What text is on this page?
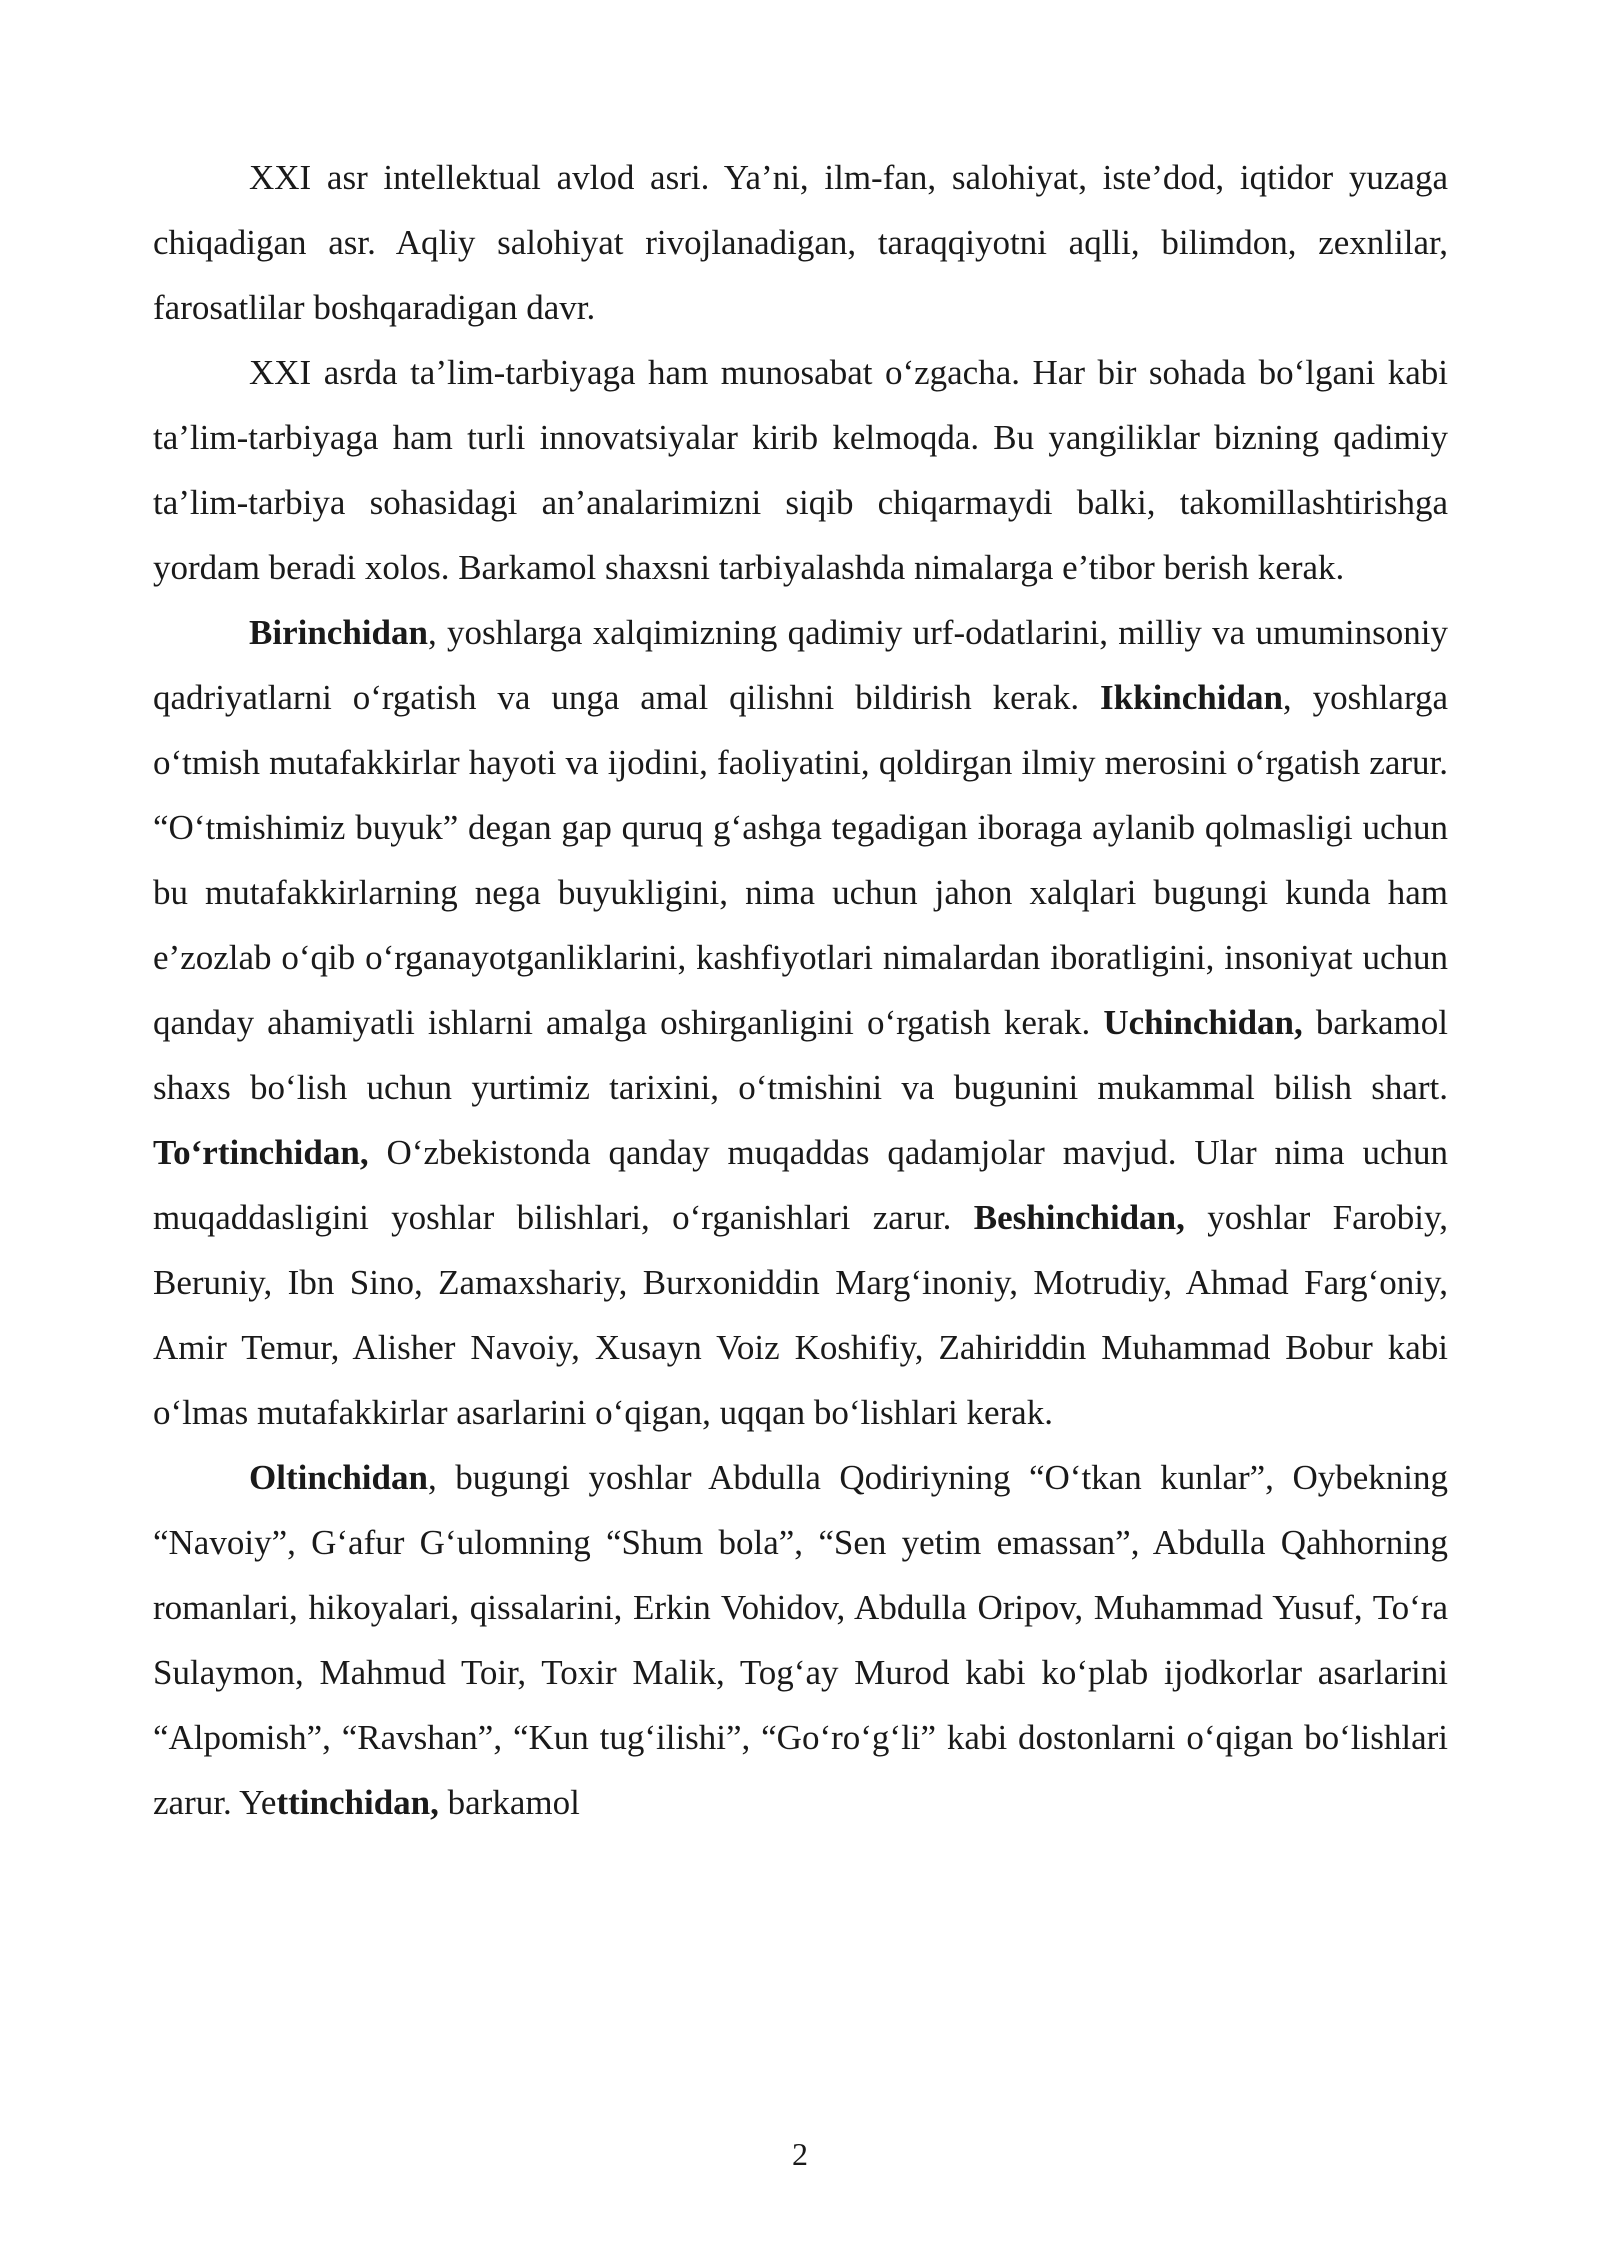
XXI asr intellektual avlod asri. Ya’ni, ilm-fan, salohiyat, iste’dod, iqtidor yuzaga chiqadigan asr. Aqliy salohiyat rivojlanadigan, taraqqiyotni aqlli, bilimdon, zexnlilar, farosatlilar boshqaradigan davr.

XXI asrda ta’lim-tarbiyaga ham munosabat o‘zgacha. Har bir sohada bo‘lgani kabi ta’lim-tarbiyaga ham turli innovatsiyalar kirib kelmoqda. Bu yangiliklar bizning qadimiy ta’lim-tarbiya sohasidagi an’analarimizni siqib chiqarmaydi balki, takomillashtirishga yordam beradi xolos. Barkamol shaxsni tarbiyalashda nimalarga e’tibor berish kerak.

Birinchidan, yoshlarga xalqimizning qadimiy urf-odatlarini, milliy va umuminsoniy qadriyatlarni o‘rgatish va unga amal qilishni bildirish kerak. Ikkinchidan, yoshlarga o‘tmish mutafakkirlar hayoti va ijodini, faoliyatini, qoldirgan ilmiy merosini o‘rgatish zarur. “O‘tmishimiz buyuk” degan gap quruq g‘ashga tegadigan iboraga aylanib qolmasligi uchun bu mutafakkirlarning nega buyukligini, nima uchun jahon xalqlari bugungi kunda ham e’zozlab o‘qib o‘rganayotganliklarini, kashfiyotlari nimalardan iboratligini, insoniyat uchun qanday ahamiyatli ishlarni amalga oshirganligini o‘rgatish kerak. Uchinchidan, barkamol shaxs bo‘lish uchun yurtimiz tarixini, o‘tmishini va bugunini mukammal bilish shart. To‘rtinchidan, O‘zbekistonda qanday muqaddas qadamjolar mavjud. Ular nima uchun muqaddasligini yoshlar bilishlari, o‘rganishlari zarur. Beshinchidan, yoshlar Farobiy, Beruniy, Ibn Sino, Zamaxshariy, Burxoniddin Marg‘inoniy, Motrudiy, Ahmad Farg‘oniy, Amir Temur, Alisher Navoiy, Xusayn Voiz Koshifiy, Zahiriddin Muhammad Bobur kabi o‘lmas mutafakkirlar asarlarini o‘qigan, uqqan bo‘lishlari kerak.

Oltinchidan, bugungi yoshlar Abdulla Qodiriyning “O‘tkan kunlar”, Oybekning “Navoiy”, G‘afur G‘ulomning “Shum bola”, “Sen yetim emassan”, Abdulla Qahhorning romanlari, hikoyalari, qissalarini, Erkin Vohidov, Abdulla Oripov, Muhammad Yusuf, To‘ra Sulaymon, Mahmud Toir, Toxir Malik, Tog‘ay Murod kabi ko‘plab ijodkorlar asarlarini “Alpomish”, “Ravshan”, “Kun tug‘ilishi”, “Go‘ro‘g‘li” kabi dostonlarni o‘qigan bo‘lishlari zarur. Yettinchidan, barkamol

2
